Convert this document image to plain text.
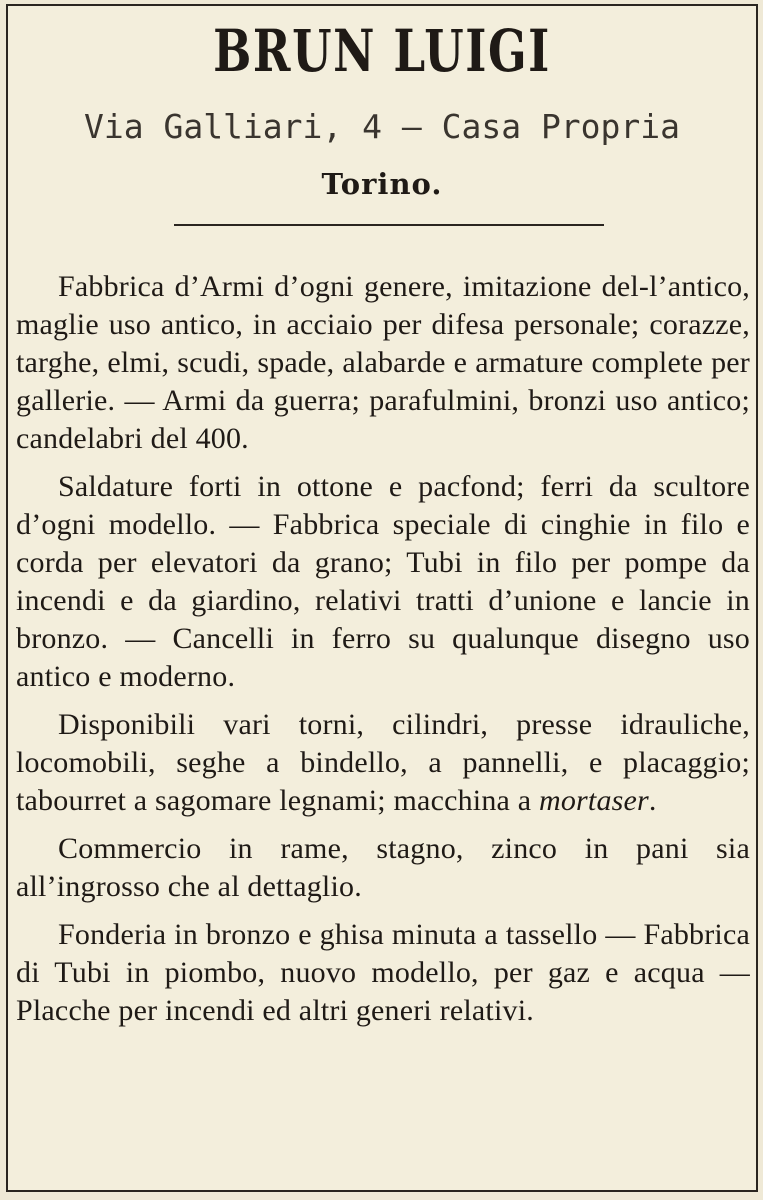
BRUN LUIGI
Via Galliari, 4 — Casa Propria
Torino.

Fabbrica d’Armi d’ogni genere, imitazione del-l’antico, maglie uso antico, in acciaio per difesa personale; corazze, targhe, elmi, scudi, spade, alabarde e armature complete per gallerie. — Armi da guerra; parafulmini, bronzi uso antico; candelabri del 400.

Saldature forti in ottone e pacfond; ferri da scultore d’ogni modello. — Fabbrica speciale di cinghie in filo e corda per elevatori da grano; Tubi in filo per pompe da incendi e da giardino, relativi tratti d’unione e lancie in bronzo. — Cancelli in ferro su qualunque disegno uso antico e moderno.

Disponibili vari torni, cilindri, presse idrauliche, locomobili, seghe a bindello, a pannelli, e placaggio; tabourret a sagomare legnami; macchina a mortaser.

Commercio in rame, stagno, zinco in pani sia all’ingrosso che al dettaglio.

Fonderia in bronzo e ghisa minuta a tassello — Fabbrica di Tubi in piombo, nuovo modello, per gaz e acqua — Placche per incendi ed altri generi relativi.
